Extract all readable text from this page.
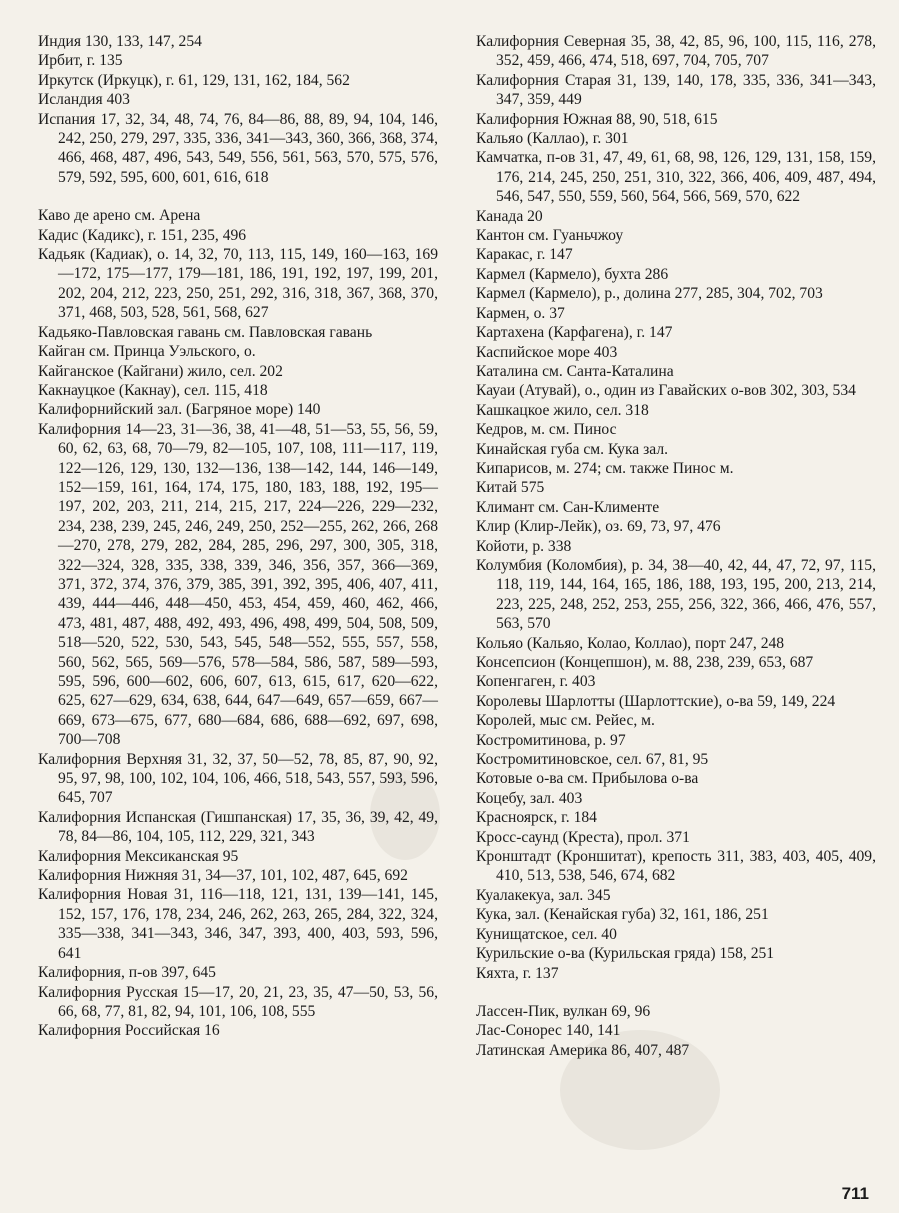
Индия 130, 133, 147, 254

Ирбит, г. 135

Иркутск (Иркуцк), г. 61, 129, 131, 162, 184, 562

Исландия 403

Испания 17, 32, 34, 48, 74, 76, 84—86, 88, 89, 94, 104, 146, 242, 250, 279, 297, 335, 336, 341—343, 360, 366, 368, 374, 466, 468, 487, 496, 543, 549, 556, 561, 563, 570, 575, 576, 579, 592, 595, 600, 601, 616, 618

Каво де арено см. Арена

Кадис (Кадикс), г. 151, 235, 496

Кадьяк (Кадиак), о. 14, 32, 70, 113, 115, 149, 160—163, 169—172, 175—177, 179—181, 186, 191, 192, 197, 199, 201, 202, 204, 212, 223, 250, 251, 292, 316, 318, 367, 368, 370, 371, 468, 503, 528, 561, 568, 627

Кадьяко-Павловская гавань см. Павловская гавань

Кайган см. Принца Уэльского, о.

Кайганское (Кайгани) жило, сел. 202

Какнауцкое (Какнау), сел. 115, 418

Калифорнийский зал. (Багряное море) 140

Калифорния 14—23, 31—36, 38, 41—48, 51—53, 55, 56, 59, 60, 62, 63, 68, 70—79, 82—105, 107, 108, 111—117, 119, 122—126, 129, 130, 132—136, 138—142, 144, 146—149, 152—159, 161, 164, 174, 175, 180, 183, 188, 192, 195—197, 202, 203, 211, 214, 215, 217, 224—226, 229—232, 234, 238, 239, 245, 246, 249, 250, 252—255, 262, 266, 268—270, 278, 279, 282, 284, 285, 296, 297, 300, 305, 318, 322—324, 328, 335, 338, 339, 346, 356, 357, 366—369, 371, 372, 374, 376, 379, 385, 391, 392, 395, 406, 407, 411, 439, 444—446, 448—450, 453, 454, 459, 460, 462, 466, 473, 481, 487, 488, 492, 493, 496, 498, 499, 504, 508, 509, 518—520, 522, 530, 543, 545, 548—552, 555, 557, 558, 560, 562, 565, 569—576, 578—584, 586, 587, 589—593, 595, 596, 600—602, 606, 607, 613, 615, 617, 620—622, 625, 627—629, 634, 638, 644, 647—649, 657—659, 667—669, 673—675, 677, 680—684, 686, 688—692, 697, 698, 700—708

Калифорния Верхняя 31, 32, 37, 50—52, 78, 85, 87, 90, 92, 95, 97, 98, 100, 102, 104, 106, 466, 518, 543, 557, 593, 596, 645, 707

Калифорния Испанская (Гишпанская) 17, 35, 36, 39, 42, 49, 78, 84—86, 104, 105, 112, 229, 321, 343

Калифорния Мексиканская 95

Калифорния Нижняя 31, 34—37, 101, 102, 487, 645, 692

Калифорния Новая 31, 116—118, 121, 131, 139—141, 145, 152, 157, 176, 178, 234, 246, 262, 263, 265, 284, 322, 324, 335—338, 341—343, 346, 347, 393, 400, 403, 593, 596, 641

Калифорния, п-ов 397, 645

Калифорния Русская 15—17, 20, 21, 23, 35, 47—50, 53, 56, 66, 68, 77, 81, 82, 94, 101, 106, 108, 555

Калифорния Российская 16

Калифорния Северная 35, 38, 42, 85, 96, 100, 115, 116, 278, 352, 459, 466, 474, 518, 697, 704, 705, 707

Калифорния Старая 31, 139, 140, 178, 335, 336, 341—343, 347, 359, 449

Калифорния Южная 88, 90, 518, 615

Кальяо (Каллао), г. 301

Камчатка, п-ов 31, 47, 49, 61, 68, 98, 126, 129, 131, 158, 159, 176, 214, 245, 250, 251, 310, 322, 366, 406, 409, 487, 494, 546, 547, 550, 559, 560, 564, 566, 569, 570, 622

Канада 20

Кантон см. Гуаньчжоу

Каракас, г. 147

Кармел (Кармело), бухта 286

Кармел (Кармело), р., долина 277, 285, 304, 702, 703

Кармен, о. 37

Картахена (Карфагена), г. 147

Каспийское море 403

Каталина см. Санта-Каталина

Кауаи (Атувай), о., один из Гавайских о-вов 302, 303, 534

Кашкацкое жило, сел. 318

Кедров, м. см. Пинос

Кинайская губа см. Кука зал.

Кипарисов, м. 274; см. также Пинос м.

Китай 575

Климант см. Сан-Клименте

Клир (Клир-Лейк), оз. 69, 73, 97, 476

Койоти, р. 338

Колумбия (Коломбия), р. 34, 38—40, 42, 44, 47, 72, 97, 115, 118, 119, 144, 164, 165, 186, 188, 193, 195, 200, 213, 214, 223, 225, 248, 252, 253, 255, 256, 322, 366, 466, 476, 557, 563, 570

Кольяо (Кальяо, Колао, Коллао), порт 247, 248

Консепсион (Концепшон), м. 88, 238, 239, 653, 687

Копенгаген, г. 403

Королевы Шарлотты (Шарлоттские), о-ва 59, 149, 224

Королей, мыс см. Рейес, м.

Костромитинова, р. 97

Костромитиновское, сел. 67, 81, 95

Котовые о-ва см. Прибылова о-ва

Коцебу, зал. 403

Красноярск, г. 184

Кросс-саунд (Креста), прол. 371

Кронштадт (Кроншитат), крепость 311, 383, 403, 405, 409, 410, 513, 538, 546, 674, 682

Куалакекуа, зал. 345

Кука, зал. (Кенайская губа) 32, 161, 186, 251

Кунищатское, сел. 40

Курильские о-ва (Курильская гряда) 158, 251

Кяхта, г. 137

Лассен-Пик, вулкан 69, 96

Лас-Сонорес 140, 141

Латинская Америка 86, 407, 487

711
